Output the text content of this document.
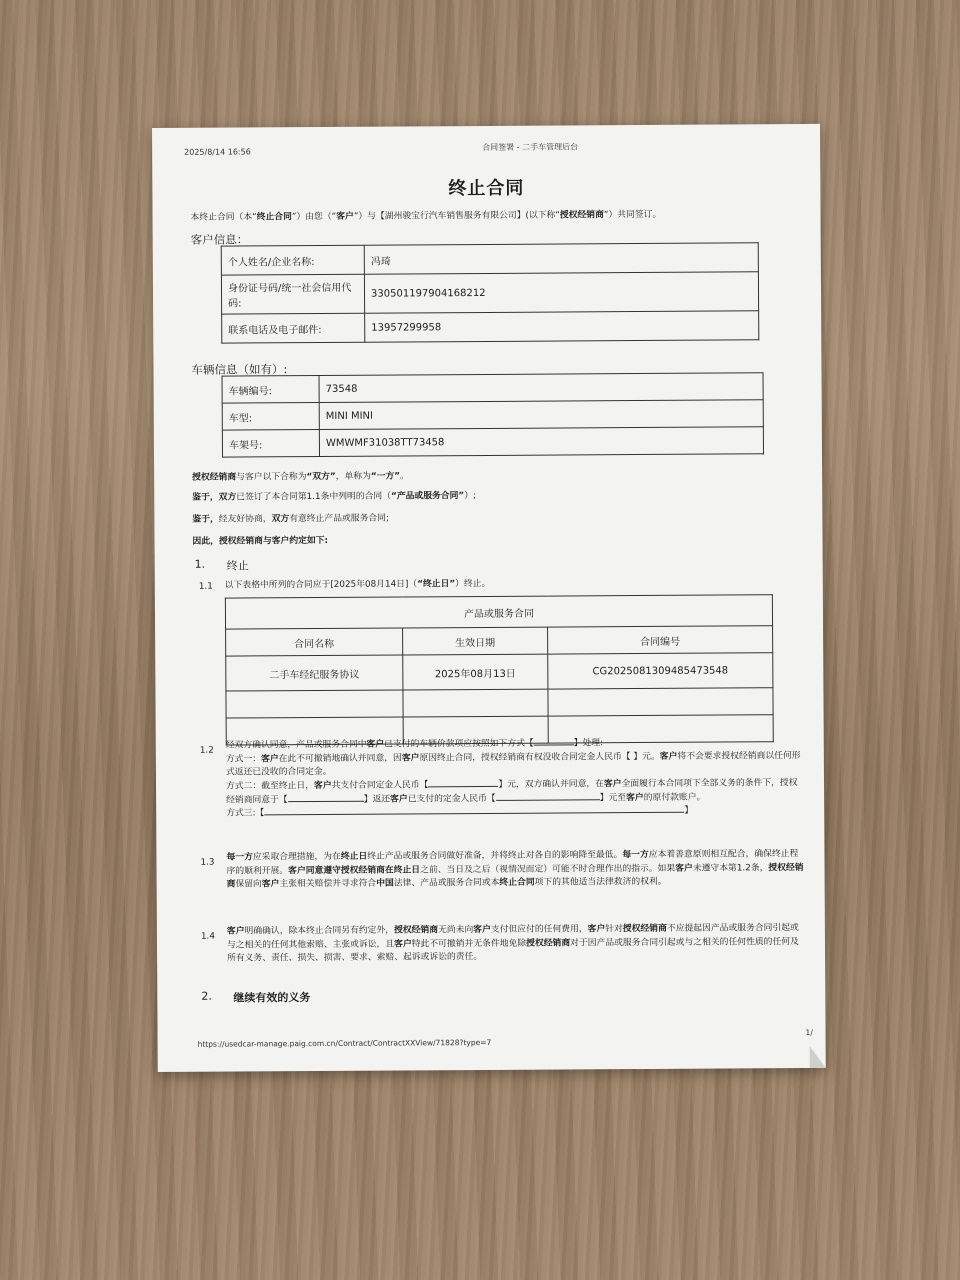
2025/8/14 16:56
合同签署 - 二手车管理后台
终止合同
本终止合同（本“终止合同”）由您（“客户”）与【湖州骏宝行汽车销售服务有限公司】(以下称“授权经销商”）共同签订。
客户信息：
个人姓名/企业名称:	冯琦
身份证号码/统一社会信用代码:	330501197904168212
联系电话及电子邮件:	13957299958
车辆信息（如有）:
车辆编号:	73548
车型:	MINI MINI
车架号:	WMWMF31038TT73458
授权经销商与客户以下合称为“双方”，单称为“一方”。
鉴于，双方已签订了本合同第1.1条中列明的合同（“产品或服务合同”）;
鉴于，经友好协商，双方有意终止产品或服务合同;
因此，授权经销商与客户约定如下:
1. 终止
1.1 以下表格中所列的合同应于[2025年08月14日]（“终止日”）终止。
产品或服务合同		
合同名称	生效日期	合同编号
二手车经纪服务协议	2025年08月13日	CG2025081309485473548

1.2
经双方确认同意，产品或服务合同中客户已支付的车辆价款项应按照如下方式【	】处理:
方式一：客户在此不可撤销地确认并同意，因客户原因终止合同，授权经销商有权没收合同定金人民币【 】元。客户将不会要求授权经销商以任何形式返还已没收的合同定金。
方式二：截至终止日，客户共支付合同定金人民币【	】元，双方确认并同意，在客户全面履行本合同项下全部义务的条件下，授权经销商同意于【	】返还客户已支付的定金人民币【	】元至客户的原付款账户。
方式三:【	】
1.3
每一方应采取合理措施，为在终止日终止产品或服务合同做好准备，并将终止对各自的影响降至最低。每一方应本着善意原则相互配合，确保终止程序的顺利开展。客户同意遵守授权经销商在终止日之前、当日及之后（视情况而定）可能不时合理作出的指示。如果客户未遵守本第1.2条，授权经销商保留向客户主张相关赔偿并寻求符合中国法律、产品或服务合同或本终止合同项下的其他适当法律救济的权利。
1.4
客户明确确认，除本终止合同另有约定外，授权经销商无尚未向客户支付但应付的任何费用，客户针对授权经销商不应提起因产品或服务合同引起或与之相关的任何其他索赔、主张或诉讼，且客户特此不可撤销并无条件地免除授权经销商对于因产品或服务合同引起或与之相关的任何性质的任何及所有义务、责任、损失、损害、要求、索赔、起诉或诉讼的责任。
2. 继续有效的义务
https://usedcar-manage.paig.com.cn/Contract/ContractXXView/71828?type=7
1/
